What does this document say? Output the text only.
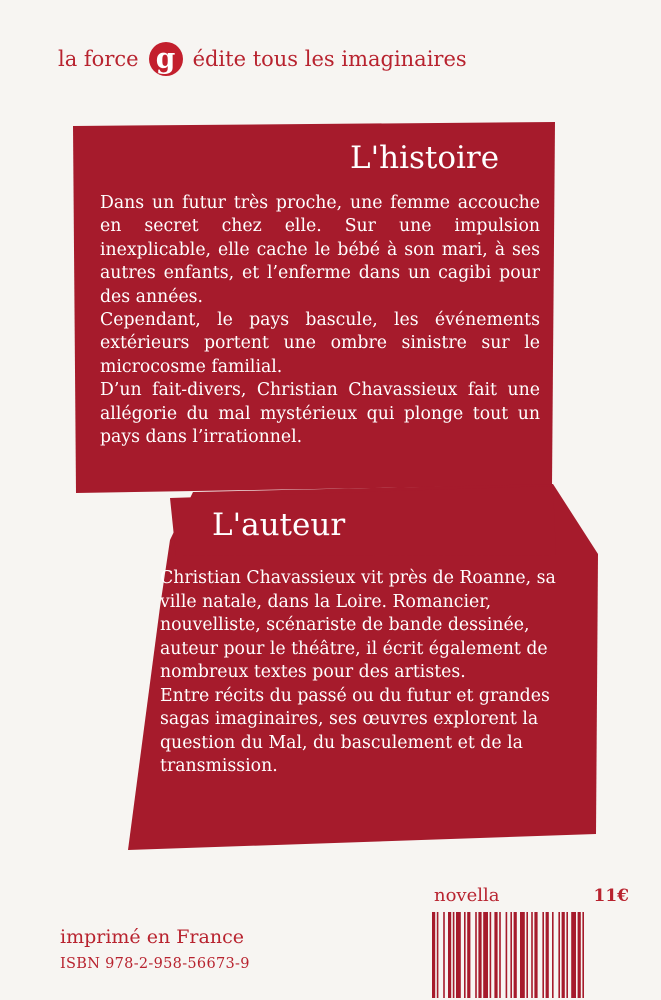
la force g édite tous les imaginaires
L'histoire

Dans un futur très proche, une femme accouche en secret chez elle. Sur une impulsion inexplicable, elle cache le bébé à son mari, à ses autres enfants, et l’enferme dans un cagibi pour des années.

Cependant, le pays bascule, les événements extérieurs portent une ombre sinistre sur le microcosme familial.

D’un fait-divers, Christian Chavassieux fait une allégorie du mal mystérieux qui plonge tout un pays dans l’irrationnel.

L'auteur

Christian Chavassieux vit près de Roanne, sa ville natale, dans la Loire. Romancier, nouvelliste, scénariste de bande dessinée, auteur pour le théâtre, il écrit également de nombreux textes pour des artistes.

Entre récits du passé ou du futur et grandes sagas imaginaires, ses œuvres explorent la question du Mal, du basculement et de la transmission.

imprimé en France
ISBN 978-2-958-56673-9
novella	11€
